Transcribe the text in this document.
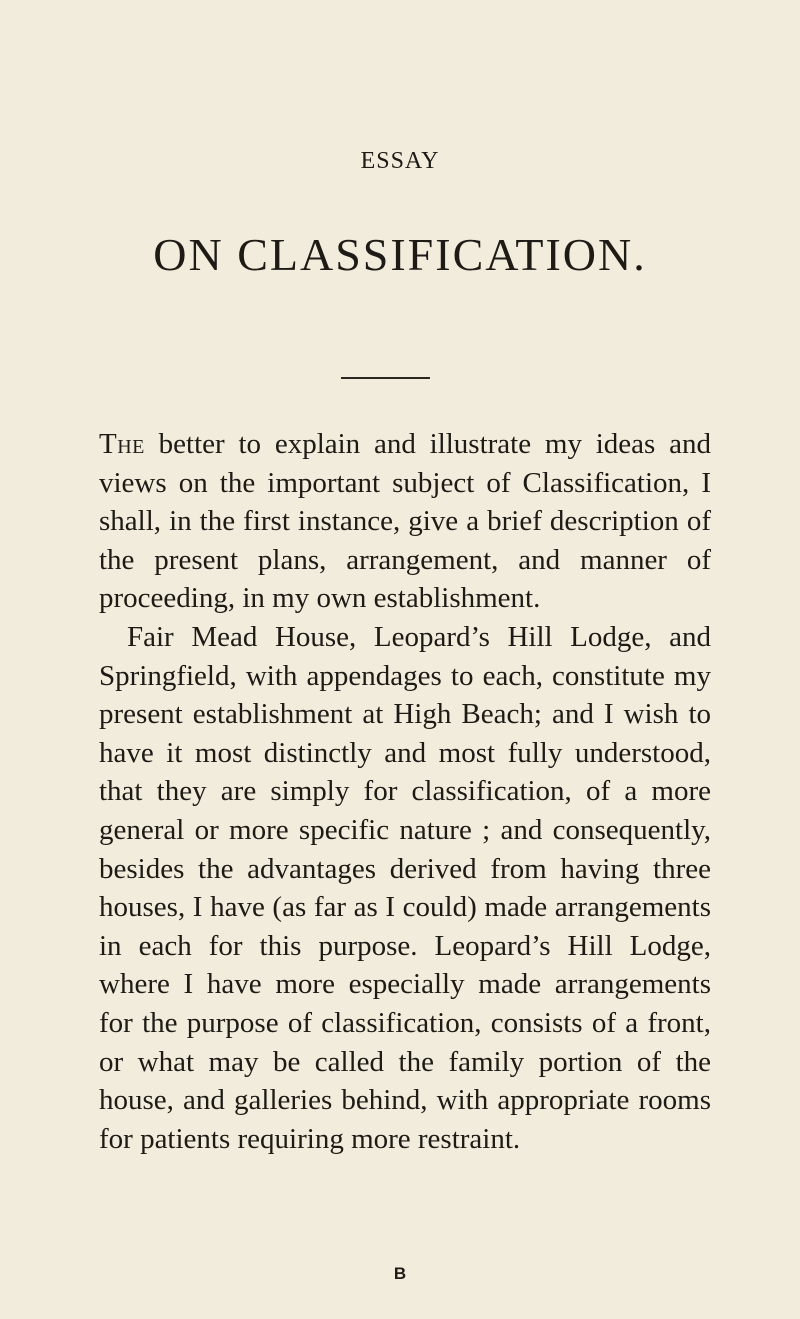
ESSAY
ON CLASSIFICATION.

The better to explain and illustrate my ideas and views on the important subject of Classification, I shall, in the first instance, give a brief description of the present plans, arrangement, and manner of proceeding, in my own establishment.

Fair Mead House, Leopard’s Hill Lodge, and Springfield, with appendages to each, constitute my present establishment at High Beach; and I wish to have it most distinctly and most fully understood, that they are simply for classification, of a more general or more specific nature ; and consequently, besides the advantages derived from having three houses, I have (as far as I could) made arrangements in each for this purpose. Leopard’s Hill Lodge, where I have more especially made arrangements for the purpose of classification, consists of a front, or what may be called the family portion of the house, and galleries behind, with appropriate rooms for patients requiring more restraint.

B
